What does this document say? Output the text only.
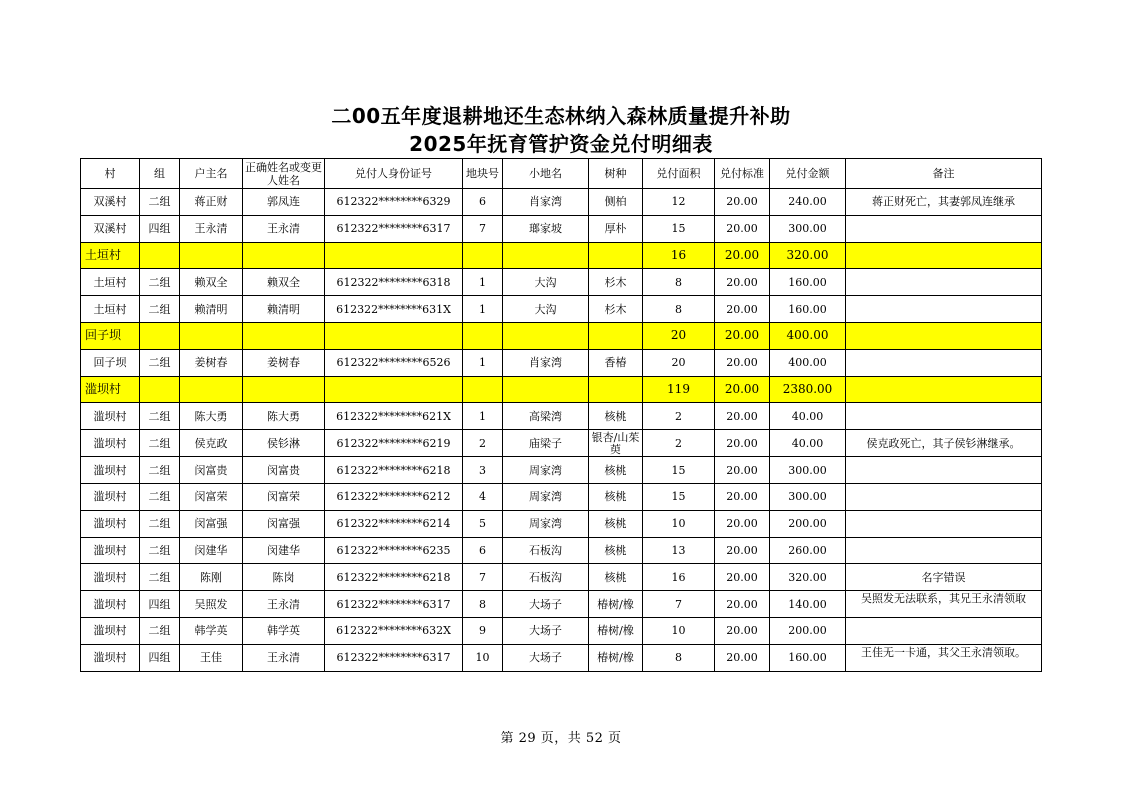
二00五年度退耕地还生态林纳入森林质量提升补助
2025年抚育管护资金兑付明细表
村	组	户主名	正确姓名或变更人姓名	兑付人身份证号	地块号	小地名	树种	兑付面积	兑付标准	兑付金额	备注
双溪村	二组	蒋正财	郭凤连	612322********6329	6	肖家湾	侧柏	12	20.00	240.00	蒋正财死亡，其妻郭凤连继承
双溪村	四组	王永清	王永清	612322********6317	7	瑯家坡	厚朴	15	20.00	300.00	
土垣村								16	20.00	320.00	
土垣村	二组	赖双全	赖双全	612322********6318	1	大沟	杉木	8	20.00	160.00	
土垣村	二组	赖清明	赖清明	612322********631X	1	大沟	杉木	8	20.00	160.00	
回子坝								20	20.00	400.00	
回子坝	二组	姜树春	姜树春	612322********6526	1	肖家湾	香椿	20	20.00	400.00	
滥坝村								119	20.00	2380.00	
滥坝村	二组	陈大勇	陈大勇	612322********621X	1	高梁湾	核桃	2	20.00	40.00	
滥坝村	二组	侯克政	侯钐淋	612322********6219	2	庙梁子	银杏/山茱萸	2	20.00	40.00	侯克政死亡，其子侯钐淋继承。
滥坝村	二组	闵富贵	闵富贵	612322********6218	3	周家湾	核桃	15	20.00	300.00	
滥坝村	二组	闵富荣	闵富荣	612322********6212	4	周家湾	核桃	15	20.00	300.00	
滥坝村	二组	闵富强	闵富强	612322********6214	5	周家湾	核桃	10	20.00	200.00	
滥坝村	二组	闵建华	闵建华	612322********6235	6	石板沟	核桃	13	20.00	260.00	
滥坝村	二组	陈刚	陈岗	612322********6218	7	石板沟	核桃	16	20.00	320.00	名字错误
滥坝村	四组	吴照发	王永清	612322********6317	8	大场子	椿树/橡	7	20.00	140.00	吴照发无法联系，其兄王永清领取
滥坝村	二组	韩学英	韩学英	612322********632X	9	大场子	椿树/橡	10	20.00	200.00	
滥坝村	四组	王佳	王永清	612322********6317	10	大场子	椿树/橡	8	20.00	160.00	王佳无一卡通，其父王永清领取。
第 29 页，共 52 页
